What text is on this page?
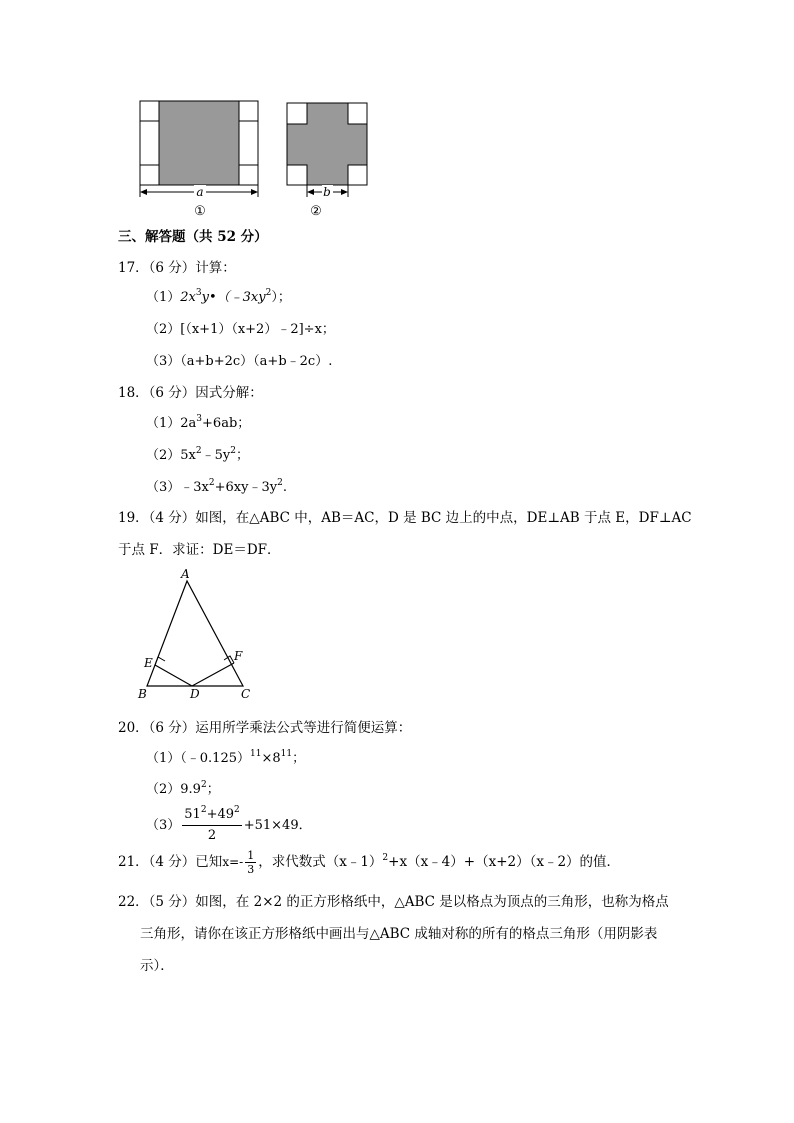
a
①
b
②
三、解答题（共 52 分）
17．（6 分）计算：
$(1)2x^3y•(﹣3xy^2)$；
（2）[（x+1）（x+2）﹣2]÷x；
（3）（a+b+2c）（a+b﹣2c）.
18．（6 分）因式分解：
$(1)2a^3+6ab$；
$(2)5x^2﹣5y^2$；
$(3)﹣3x^2+6xy﹣3y^2$.
19．（4 分）如图，在△ABC 中，AB＝AC，D 是 BC 边上的中点，DE⊥AB 于点 E，DF⊥AC
于点 F．求证：DE＝DF．
A
B	C
D
E	F
20．（6 分）运用所学乘法公式等进行简便运算：
$(1)(﹣0.125)^{11}\times 8^{11}$；
$(2)9.9^2$；
$(3) \frac{51^2+49^2}{2} +51\times 49$．
21．（4 分）已知$x=- \frac{1}{3}$ ，求代数式（x﹣1）$^2$+x（x﹣4）+（x+2）（x﹣2）的值．
22．（5 分）如图，在 2×2 的正方形格纸中，△ABC 是以格点为顶点的三角形，也称为格点
三角形，请你在该正方形格纸中画出与△ABC 成轴对称的所有的格点三角形（用阴影表
示）．
